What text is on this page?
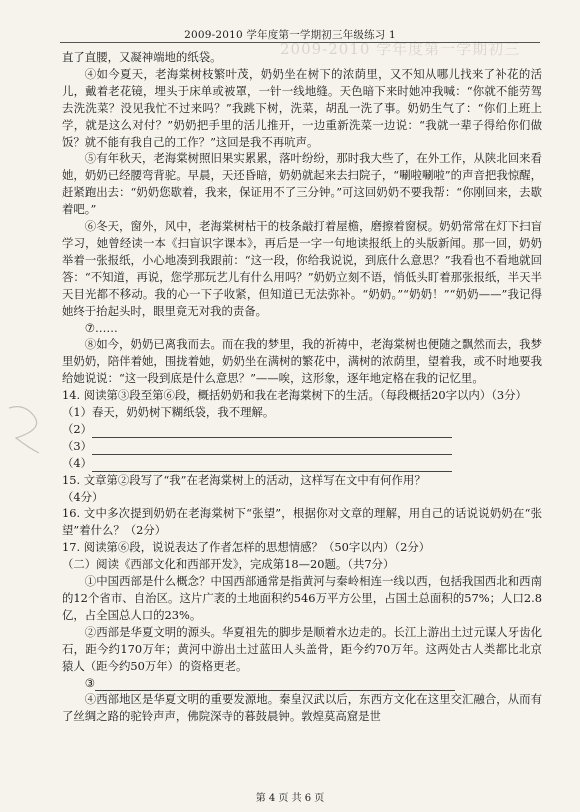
2009-2010 学年度第一学期初三
2009-2010 学年度第一学期初三年级练习 1

直了直腰，又凝神端地的纸袋。

④如今夏天，老海棠树枝繁叶茂，奶奶坐在树下的浓荫里，又不知从哪儿找来了补花的活儿，戴着老花镜，埋头于床单或被罩，一针一线地缝。天色暗下来时她冲我喊：“你就不能劳驾去洗洗菜？没见我忙不过来吗？”我跳下树，洗菜，胡乱一洗了事。奶奶生气了：“你们上班上学，就是这么对付？”奶奶把手里的活儿推开，一边重新洗菜一边说：“我就一辈子得给你们做饭？就不能有我自己的工作？”这回是我不再吭声。

⑤有年秋天，老海棠树照旧果实累累，落叶纷纷，那时我大些了，在外工作，从陕北回来看她，奶奶已经腰弯背驼。早晨，天还昏暗，奶奶就起来去扫院子，“唰啦唰啦”的声音把我惊醒，赶紧跑出去：“奶奶您歇着，我来，保证用不了三分钟。”可这回奶奶不要我帮：“你刚回来，去歇着吧。”

⑥冬天，窗外，风中，老海棠树枯干的枝条敲打着屋檐，磨擦着窗棂。奶奶常常在灯下扫盲学习，她曾经读一本《扫盲识字课本》，再后是一字一句地读报纸上的头版新闻。那一回，奶奶举着一张报纸，小心地凑到我跟前：“这一段，你给我说说，到底什么意思？”我看也不看地就回答：“不知道，再说，您学那玩艺儿有什么用吗？”奶奶立刻不语，悄低头盯着那张报纸，半天半天目光都不移动。我的心一下子收紧，但知道已无法弥补。“奶奶。”“奶奶！”“奶奶——”我记得她终于抬起头时，眼里竟无对我的责备。

⑦……

⑧如今，奶奶已离我而去。而在我的梦里，我的祈祷中，老海棠树也便随之飘然而去，我梦里奶奶，陪伴着她，围拢着她，奶奶坐在满树的繁花中，满树的浓荫里，望着我，或不时地要我给她说说：“这一段到底是什么意思？”——唉，这形象，逐年地定格在我的记忆里。

14. 阅读第③段至第⑥段，概括奶奶和我在老海棠树下的生活。（每段概括20字以内）（3分）

（1）春天，奶奶树下糊纸袋，我不理解。

（2）

（3）

（4）

15. 文章第②段写了“我”在老海棠树上的活动，这样写在文中有何作用？

（4分）

16. 文中多次提到奶奶在老海棠树下“张望”，根据你对文章的理解，用自己的话说说奶奶在“张望”着什么？（2分）

17. 阅读第⑥段，说说表达了作者怎样的思想情感？（50字以内）（2分）

（二）阅读《西部文化和西部开发》，完成第18—20题。（共7分）

①中国西部是什么概念？中国西部通常是指黄河与秦岭相连一线以西，包括我国西北和西南的12个省市、自治区。这片广袤的土地面积约546万平方公里，占国土总面积的57%；人口2.8亿，占全国总人口的23%。

②西部是华夏文明的源头。华夏祖先的脚步是顺着水边走的。长江上游出土过元谋人牙齿化石，距今约170万年；黄河中游出土过蓝田人头盖骨，距今约70万年。这两处古人类都比北京猿人（距今约50万年）的资格更老。

③

④西部地区是华夏文明的重要发源地。秦皇汉武以后，东西方文化在这里交汇融合，从而有了丝绸之路的驼铃声声，佛院深寺的暮鼓晨钟。敦煌莫高窟是世

第 4 页 共 6 页
